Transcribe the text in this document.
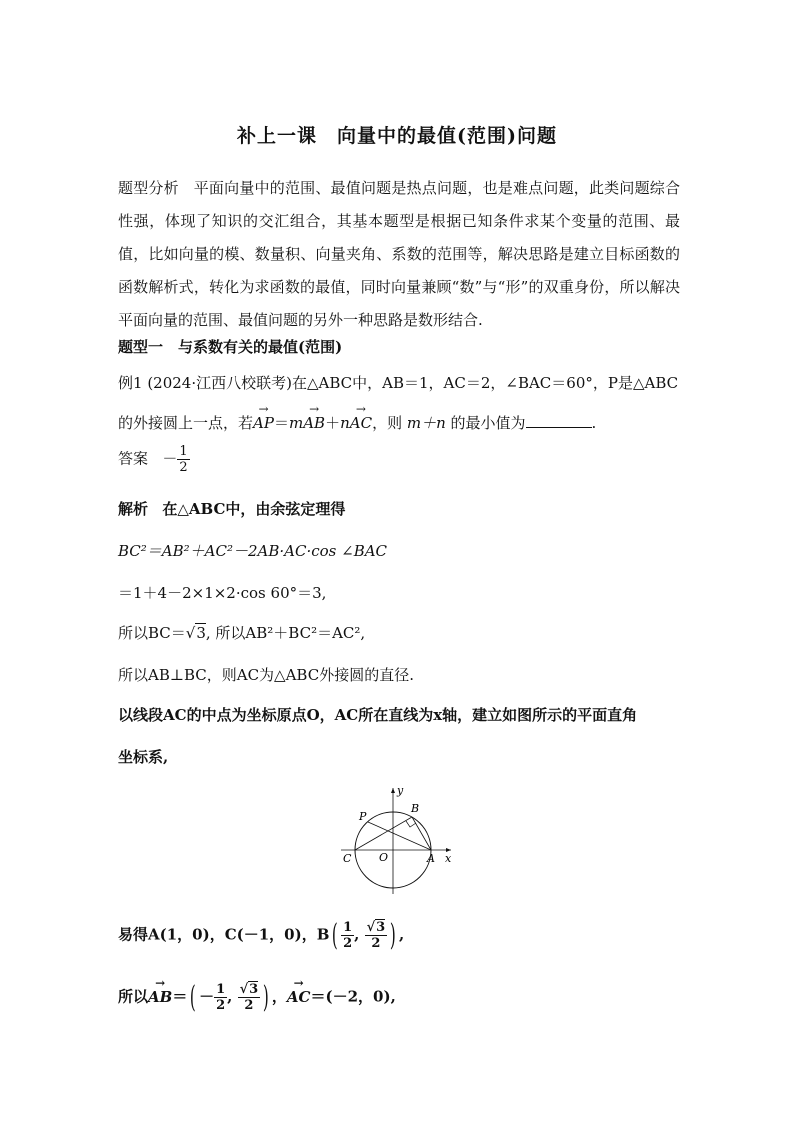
补上一课　向量中的最值(范围)问题
题型分析 平面向量中的范围、最值问题是热点问题，也是难点问题，此类问题综合性强，体现了知识的交汇组合，其基本题型是根据已知条件求某个变量的范围、最值，比如向量的模、数量积、向量夹角、系数的范围等，解决思路是建立目标函数的函数解析式，转化为求函数的最值，同时向量兼顾“数”与“形”的双重身份，所以解决平面向量的范围、最值问题的另外一种思路是数形结合.
题型一　与系数有关的最值(范围)
例1 (2024·江西八校联考)在△ABC中，AB＝1，AC＝2，∠BAC＝60°，P是△ABC
的外接圆上一点，若→ AP＝m→ AB＋n→ AC，则 m＋n 的最小值为	.
答案 － $\frac{1}{2}$
解析 在△ABC中，由余弦定理得
BC²＝AB²＋AC²－2AB·AC·cos ∠BAC
＝1＋4－2×1×2·cos 60°＝3,
所以BC＝√3, 所以AB²＋BC²＝AC²,
所以AB⊥BC，则AC为△ABC外接圆的直径.
以线段AC的中点为坐标原点O，AC所在直线为x轴，建立如图所示的平面直角
坐标系,
y
x
P
B
C	O	A
易得A(1，0)，C(－1，0)，$B( \frac{1}{2}$ , $\frac{√3}{2}$ ) ,
所以→ $AB=( - \frac{1}{2}$ , $\frac{√3}{2}$ ) ，→ AC＝(－2，0),
